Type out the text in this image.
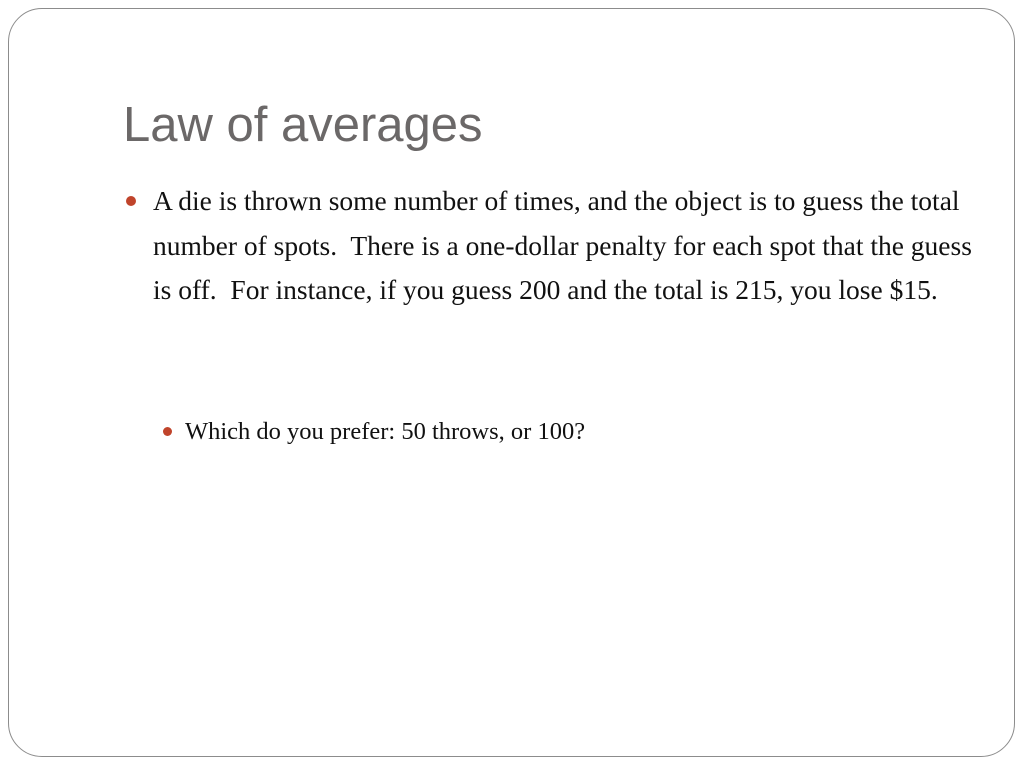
Law of averages
A die is thrown some number of times, and the object is to guess the total number of spots.  There is a one-dollar penalty for each spot that the guess is off.  For instance, if you guess 200 and the total is 215, you lose $15.
Which do you prefer: 50 throws, or 100?
